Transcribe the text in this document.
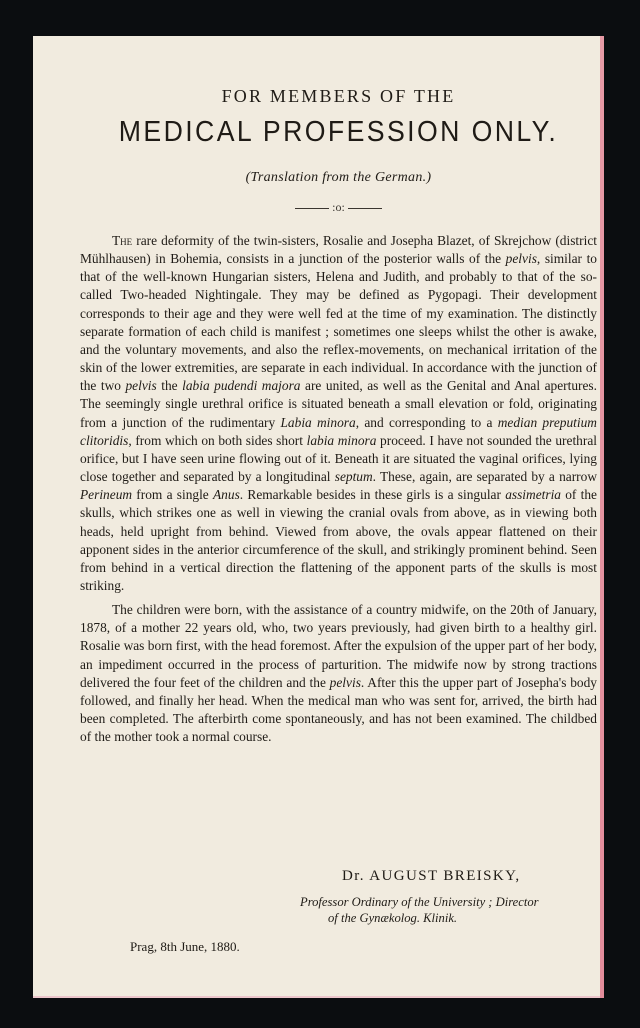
FOR MEMBERS OF THE
MEDICAL PROFESSION ONLY.
(Translation from the German.)
:o:

The rare deformity of the twin-sisters, Rosalie and Josepha Blazet, of Skrejchow (district Mühlhausen) in Bohemia, consists in a junction of the posterior walls of the pelvis, similar to that of the well-known Hungarian sisters, Helena and Judith, and probably to that of the so-called Two-headed Nightingale. They may be defined as Pygopagi. Their development corresponds to their age and they were well fed at the time of my examination. The distinctly separate formation of each child is manifest ; sometimes one sleeps whilst the other is awake, and the voluntary movements, and also the reflex-movements, on mechanical irritation of the skin of the lower extremities, are separate in each individual. In accordance with the junction of the two pelvis the labia pudendi majora are united, as well as the Genital and Anal apertures. The seemingly single urethral orifice is situated beneath a small elevation or fold, originating from a junction of the rudimentary Labia minora, and corresponding to a median preputium clitoridis, from which on both sides short labia minora proceed. I have not sounded the urethral orifice, but I have seen urine flowing out of it. Beneath it are situated the vaginal orifices, lying close together and separated by a longitudinal septum. These, again, are separated by a narrow Perineum from a single Anus. Remarkable besides in these girls is a singular assimetria of the skulls, which strikes one as well in viewing the cranial ovals from above, as in viewing both heads, held upright from behind. Viewed from above, the ovals appear flattened on their apponent sides in the anterior circumference of the skull, and strikingly prominent behind. Seen from behind in a vertical direction the flattening of the apponent parts of the skulls is most striking.

The children were born, with the assistance of a country midwife, on the 20th of January, 1878, of a mother 22 years old, who, two years previously, had given birth to a healthy girl. Rosalie was born first, with the head foremost. After the expulsion of the upper part of her body, an impediment occurred in the process of parturition. The midwife now by strong tractions delivered the four feet of the children and the pelvis. After this the upper part of Josepha's body followed, and finally her head. When the medical man who was sent for, arrived, the birth had been completed. The afterbirth come spontaneously, and has not been examined. The childbed of the mother took a normal course.

Dr. AUGUST BREISKY,
Professor Ordinary of the University ; Director
of the Gynækolog. Klinik.
Prag, 8th June, 1880.
